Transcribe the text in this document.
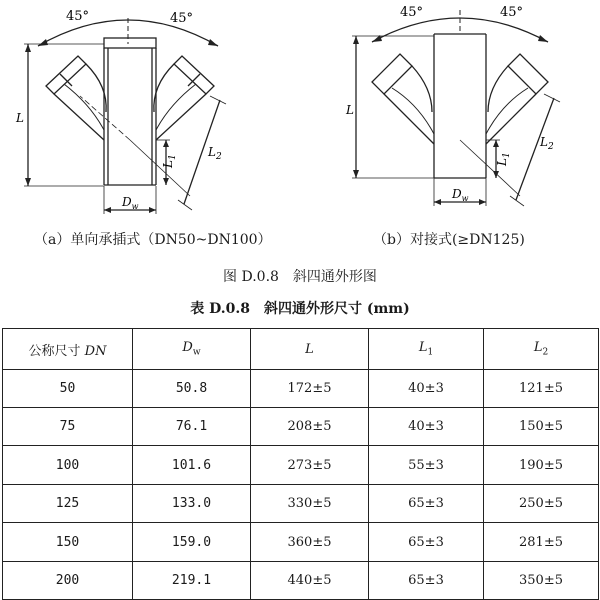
45°	45°	45°	45°
L
L
$L_1$
$L_1$
$L_2$
$L_2$
$D_w$
$D_w$
（a）单向承插式（DN50~DN100）	（b）对接式(≥DN125)
图 D.0.8　斜四通外形图
表 D.0.8　斜四通外形尺寸 (mm)
公称尺寸 DN	$D_w$	L	$L_1$	$L_2$
50	50.8	172±5	40±3	121±5
75	76.1	208±5	40±3	150±5
100	101.6	273±5	55±3	190±5
125	133.0	330±5	65±3	250±5
150	159.0	360±5	65±3	281±5
200	219.1	440±5	65±3	350±5
